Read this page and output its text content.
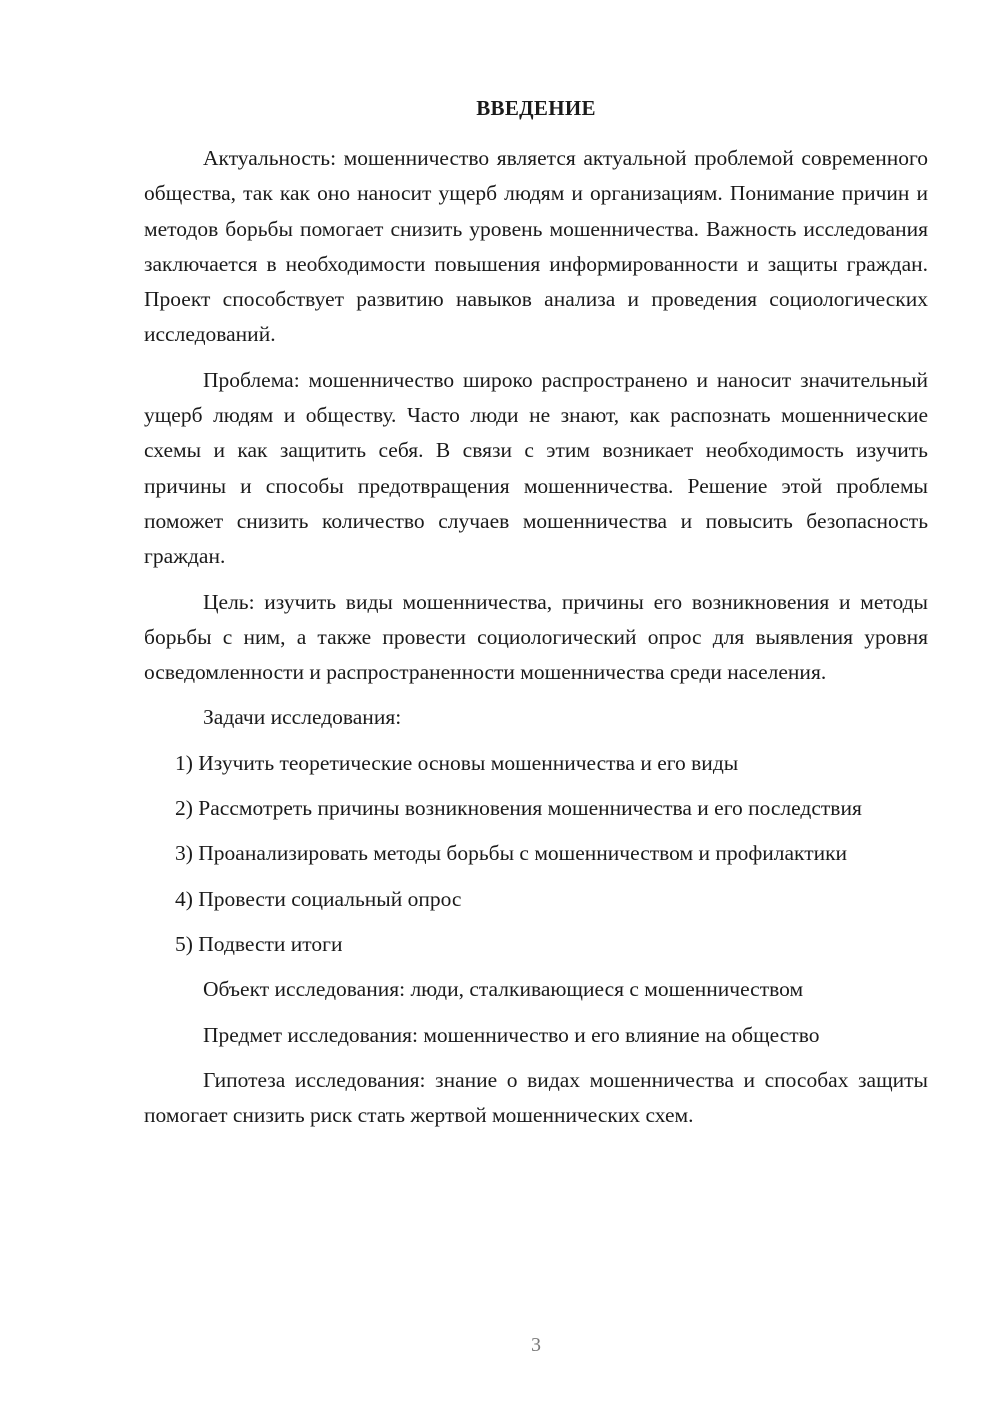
ВВЕДЕНИЕ

Актуальность: мошенничество является актуальной проблемой современного общества, так как оно наносит ущерб людям и организациям. Понимание причин и методов борьбы помогает снизить уровень мошенничества. Важность исследования заключается в необходимости повышения информированности и защиты граждан. Проект способствует развитию навыков анализа и проведения социологических исследований.

Проблема: мошенничество широко распространено и наносит значительный ущерб людям и обществу. Часто люди не знают, как распознать мошеннические схемы и как защитить себя. В связи с этим возникает необходимость изучить причины и способы предотвращения мошенничества. Решение этой проблемы поможет снизить количество случаев мошенничества и повысить безопасность граждан.

Цель: изучить виды мошенничества, причины его возникновения и методы борьбы с ним, а также провести социологический опрос для выявления уровня осведомленности и распространенности мошенничества среди населения.

Задачи исследования:

1) Изучить теоретические основы мошенничества и его виды

2) Рассмотреть причины возникновения мошенничества и его последствия

3) Проанализировать методы борьбы с мошенничеством и профилактики

4) Провести социальный опрос

5) Подвести итоги

Объект исследования: люди, сталкивающиеся с мошенничеством

Предмет исследования: мошенничество и его влияние на общество

Гипотеза исследования: знание о видах мошенничества и способах защиты помогает снизить риск стать жертвой мошеннических схем.

3
